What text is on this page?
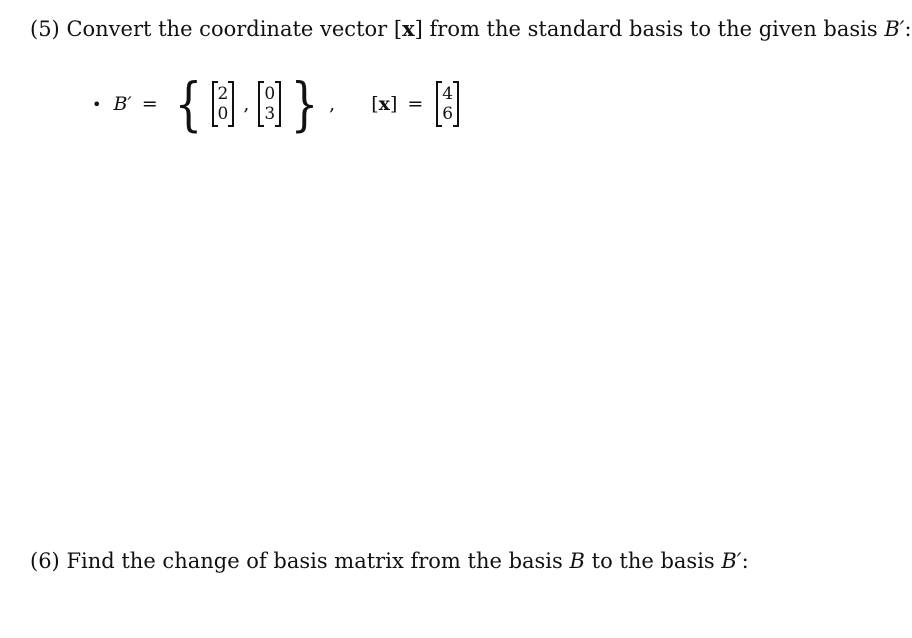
(5) Convert the coordinate vector [x] from the standard basis to the given basis B′:
• B′ = { 2
0 , 0
3 } , [ x ] = 4
6
(6) Find the change of basis matrix from the basis B to the basis B′:
